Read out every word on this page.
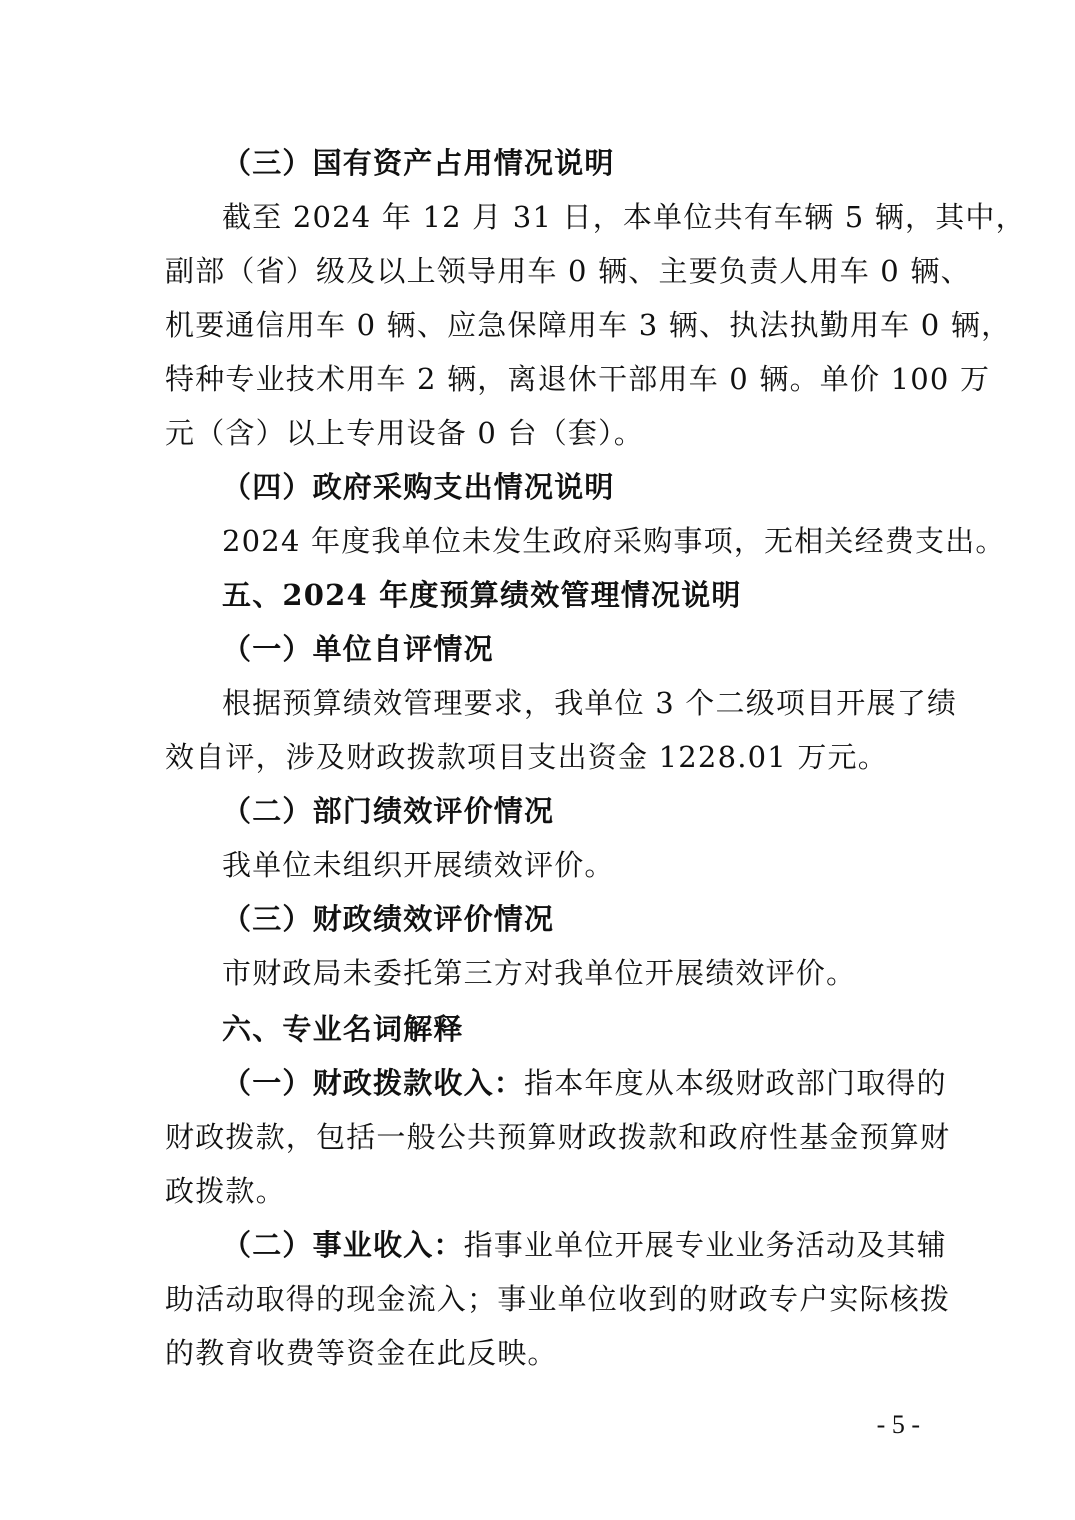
（三）国有资产占用情况说明
截至 2024 年 12 月 31 日，本单位共有车辆 5 辆，其中，
副部（省）级及以上领导用车 0 辆、主要负责人用车 0 辆、
机要通信用车 0 辆、应急保障用车 3 辆、执法执勤用车 0 辆，
特种专业技术用车 2 辆，离退休干部用车 0 辆。单价 100 万
元（含）以上专用设备 0 台（套）。
（四）政府采购支出情况说明
2024 年度我单位未发生政府采购事项，无相关经费支出。
五、2024 年度预算绩效管理情况说明
（一）单位自评情况
根据预算绩效管理要求，我单位 3 个二级项目开展了绩
效自评，涉及财政拨款项目支出资金 1228.01 万元。
（二）部门绩效评价情况
我单位未组织开展绩效评价。
（三）财政绩效评价情况
市财政局未委托第三方对我单位开展绩效评价。
六、专业名词解释
（一）财政拨款收入：指本年度从本级财政部门取得的
财政拨款，包括一般公共预算财政拨款和政府性基金预算财
政拨款。
（二）事业收入：指事业单位开展专业业务活动及其辅
助活动取得的现金流入；事业单位收到的财政专户实际核拨
的教育收费等资金在此反映。
- 5 -
